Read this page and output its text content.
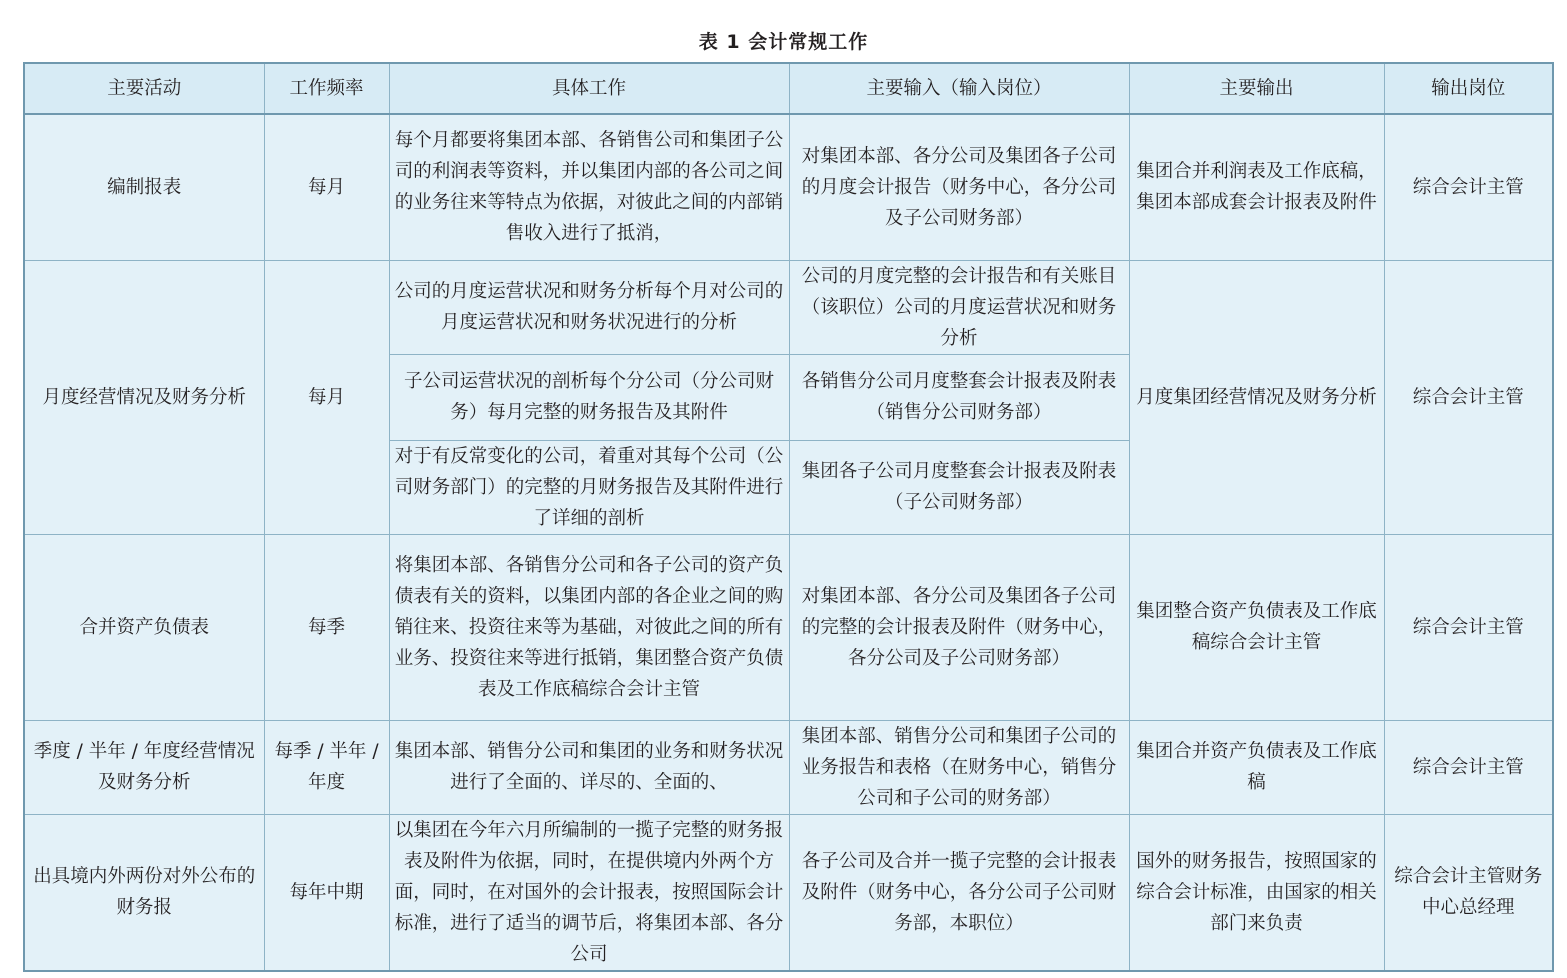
表 1 会计常规工作
主要活动	工作频率	具体工作	主要输入（输入岗位）	主要输出	输出岗位
编制报表	每月	每个月都要将集团本部、各销售公司和集团子公司的利润表等资料，并以集团内部的各公司之间的业务往来等特点为依据，对彼此之间的内部销售收入进行了抵消，	对集团本部、各分公司及集团各子公司的月度会计报告（财务中心，各分公司及子公司财务部）	集团合并利润表及工作底稿，集团本部成套会计报表及附件	综合会计主管
月度经营情况及财务分析	每月	公司的月度运营状况和财务分析每个月对公司的月度运营状况和财务状况进行的分析	公司的月度完整的会计报告和有关账目（该职位）公司的月度运营状况和财务分析	月度集团经营情况及财务分析	综合会计主管
		子公司运营状况的剖析每个分公司（分公司财务）每月完整的财务报告及其附件	各销售分公司月度整套会计报表及附表（销售分公司财务部）		
		对于有反常变化的公司，着重对其每个公司（公司财务部门）的完整的月财务报告及其附件进行了详细的剖析	集团各子公司月度整套会计报表及附表（子公司财务部）		
合并资产负债表	每季	将集团本部、各销售分公司和各子公司的资产负债表有关的资料，以集团内部的各企业之间的购销往来、投资往来等为基础，对彼此之间的所有业务、投资往来等进行抵销，集团整合资产负债表及工作底稿综合会计主管	对集团本部、各分公司及集团各子公司的完整的会计报表及附件（财务中心，各分公司及子公司财务部）	集团整合资产负债表及工作底稿综合会计主管	综合会计主管
季度 / 半年 / 年度经营情况及财务分析	每季 / 半年 / 年度	集团本部、销售分公司和集团的业务和财务状况进行了全面的、详尽的、全面的、	集团本部、销售分公司和集团子公司的业务报告和表格（在财务中心，销售分公司和子公司的财务部）	集团合并资产负债表及工作底稿	综合会计主管
出具境内外两份对外公布的财务报	每年中期	以集团在今年六月所编制的一揽子完整的财务报表及附件为依据，同时，在提供境内外两个方面，同时，在对国外的会计报表，按照国际会计标准，进行了适当的调节后，将集团本部、各分公司	各子公司及合并一揽子完整的会计报表及附件（财务中心，各分公司子公司财务部，本职位）	国外的财务报告，按照国家的综合会计标准，由国家的相关部门来负责	综合会计主管财务中心总经理
